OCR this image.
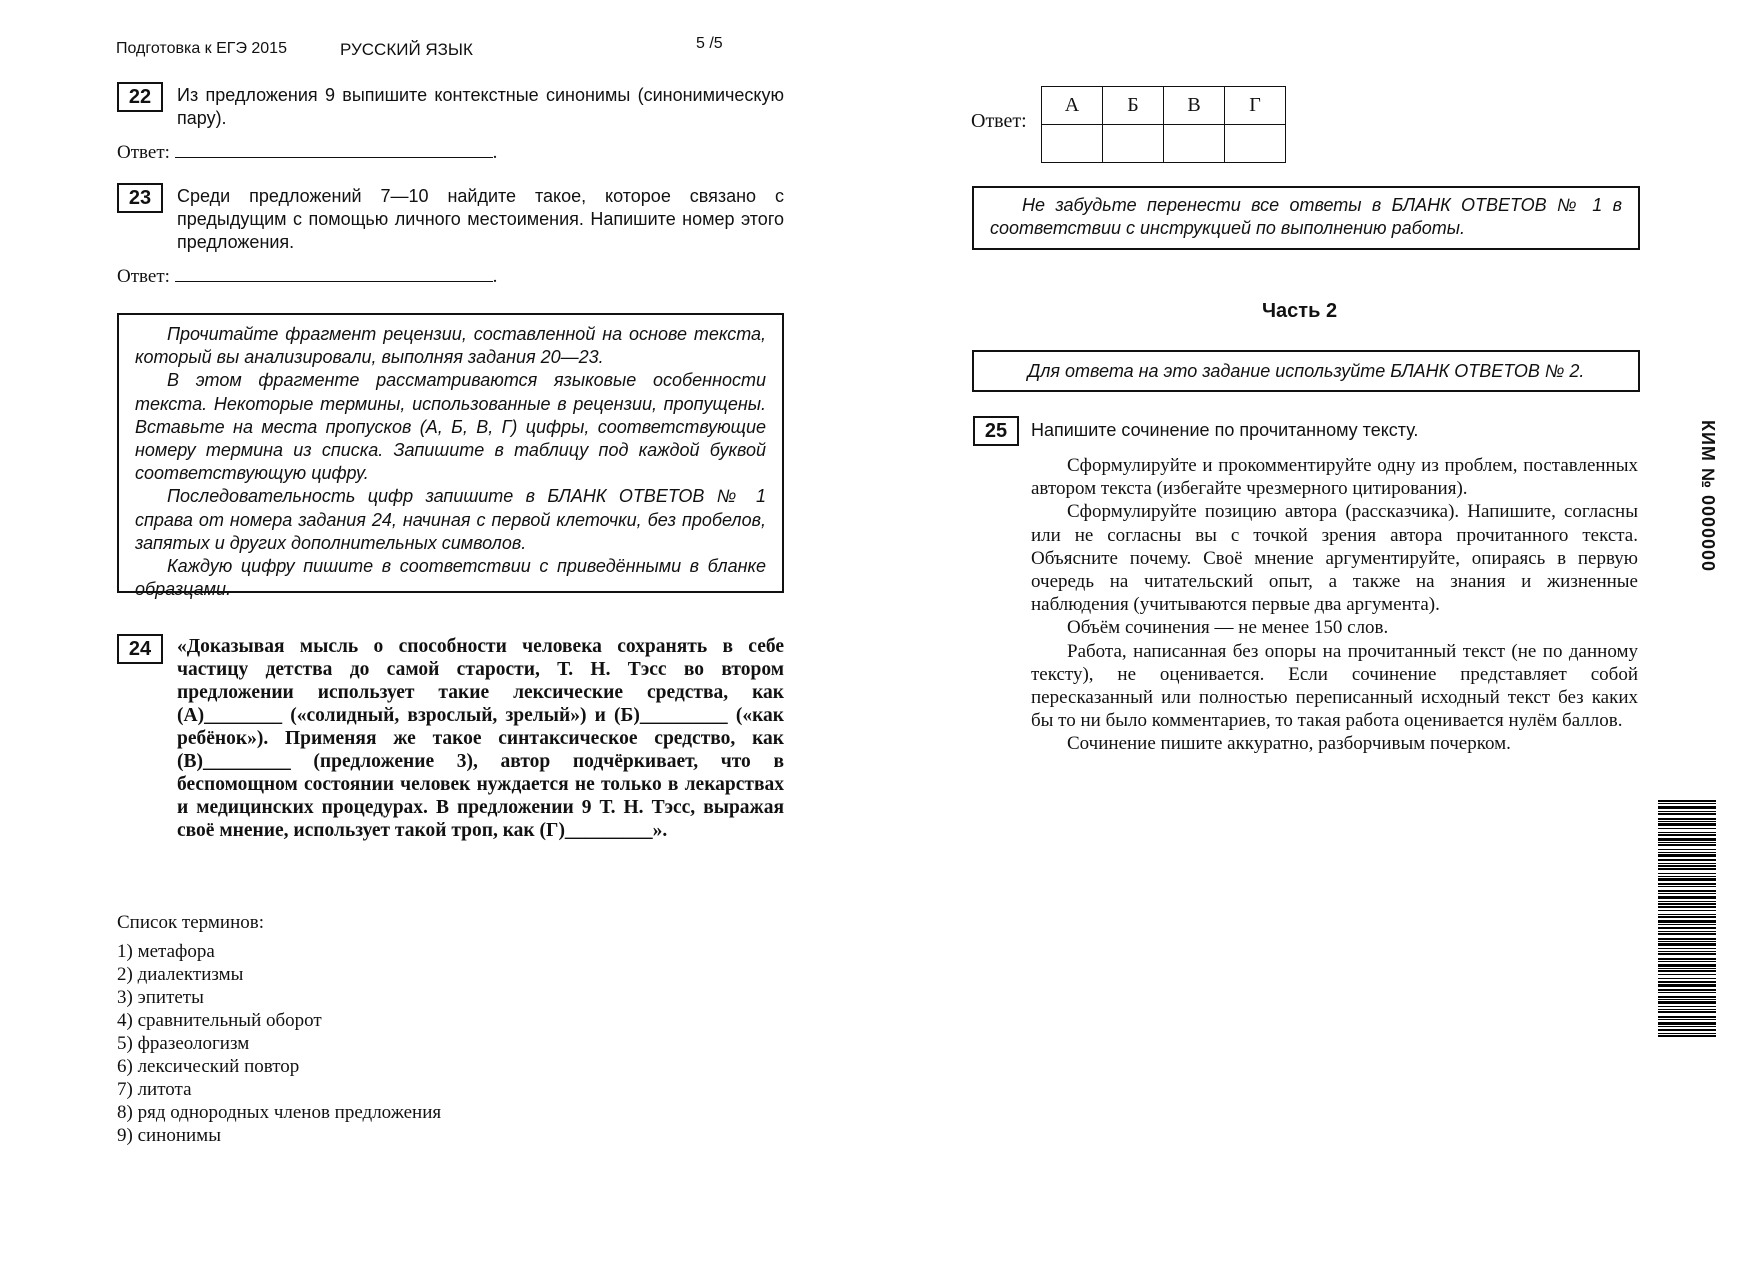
Подготовка к ЕГЭ 2015	РУССКИЙ ЯЗЫК	5 /5
22	Из предложения 9 выпишите контекстные синонимы (синонимическую пару).
Ответ:	.
23	Среди предложений 7—10 найдите такое, которое связано с предыдущим с помощью личного местоимения. Напишите номер этого предложения.
Ответ:	.

Прочитайте фрагмент рецензии, составленной на основе текста, который вы анализировали, выполняя задания 20—23.

В этом фрагменте рассматриваются языковые особенности текста. Некоторые термины, использованные в рецензии, пропущены. Вставьте на места пропусков (А, Б, В, Г) цифры, соответствующие номеру термина из списка. Запишите в таблицу под каждой буквой соответствующую цифру.

Последовательность цифр запишите в БЛАНК ОТВЕТОВ № 1 справа от номера задания 24, начиная с первой клеточки, без пробелов, запятых и других дополнительных символов.

Каждую цифру пишите в соответствии с приведёнными в бланке образцами.

24	«Доказывая мысль о способности человека сохранять в себе частицу детства до самой старости, Т. Н. Тэсс во втором предложении использует такие лексические средства, как (А)________ («солидный, взрослый, зрелый») и (Б)_________ («как ребёнок»). Применяя же такое синтаксическое средство, как (В)_________ (предложение 3), автор подчёркивает, что в беспомощном состоянии человек нуждается не только в лекарствах и медицинских процедурах. В предложении 9 Т. Н. Тэсс, выражая своё мнение, использует такой троп, как (Г)_________».
Список терминов:
1) метафора
2) диалектизмы
3) эпитеты
4) сравнительный оборот
5) фразеологизм
6) лексический повтор
7) литота
8) ряд однородных членов предложения
9) синонимы
Ответ:
А	Б	В	Г

Не забудьте перенести все ответы в БЛАНК ОТВЕТОВ № 1 в соответствии с инструкцией по выполнению работы.

Часть 2
Для ответа на это задание используйте БЛАНК ОТВЕТОВ № 2.
25	Напишите сочинение по прочитанному тексту.

Сформулируйте и прокомментируйте одну из проблем, поставленных автором текста (избегайте чрезмерного цитирования).

Сформулируйте позицию автора (рассказчика). Напишите, согласны или не согласны вы с точкой зрения автора прочитанного текста. Объясните почему. Своё мнение аргументируйте, опираясь в первую очередь на читательский опыт, а также на знания и жизненные наблюдения (учитываются первые два аргумента).

Объём сочинения — не менее 150 слов.

Работа, написанная без опоры на прочитанный текст (не по данному тексту), не оценивается. Если сочинение представляет собой пересказанный или полностью переписанный исходный текст без каких бы то ни было комментариев, то такая работа оценивается нулём баллов.

Сочинение пишите аккуратно, разборчивым почерком.

КИМ № 0000000
